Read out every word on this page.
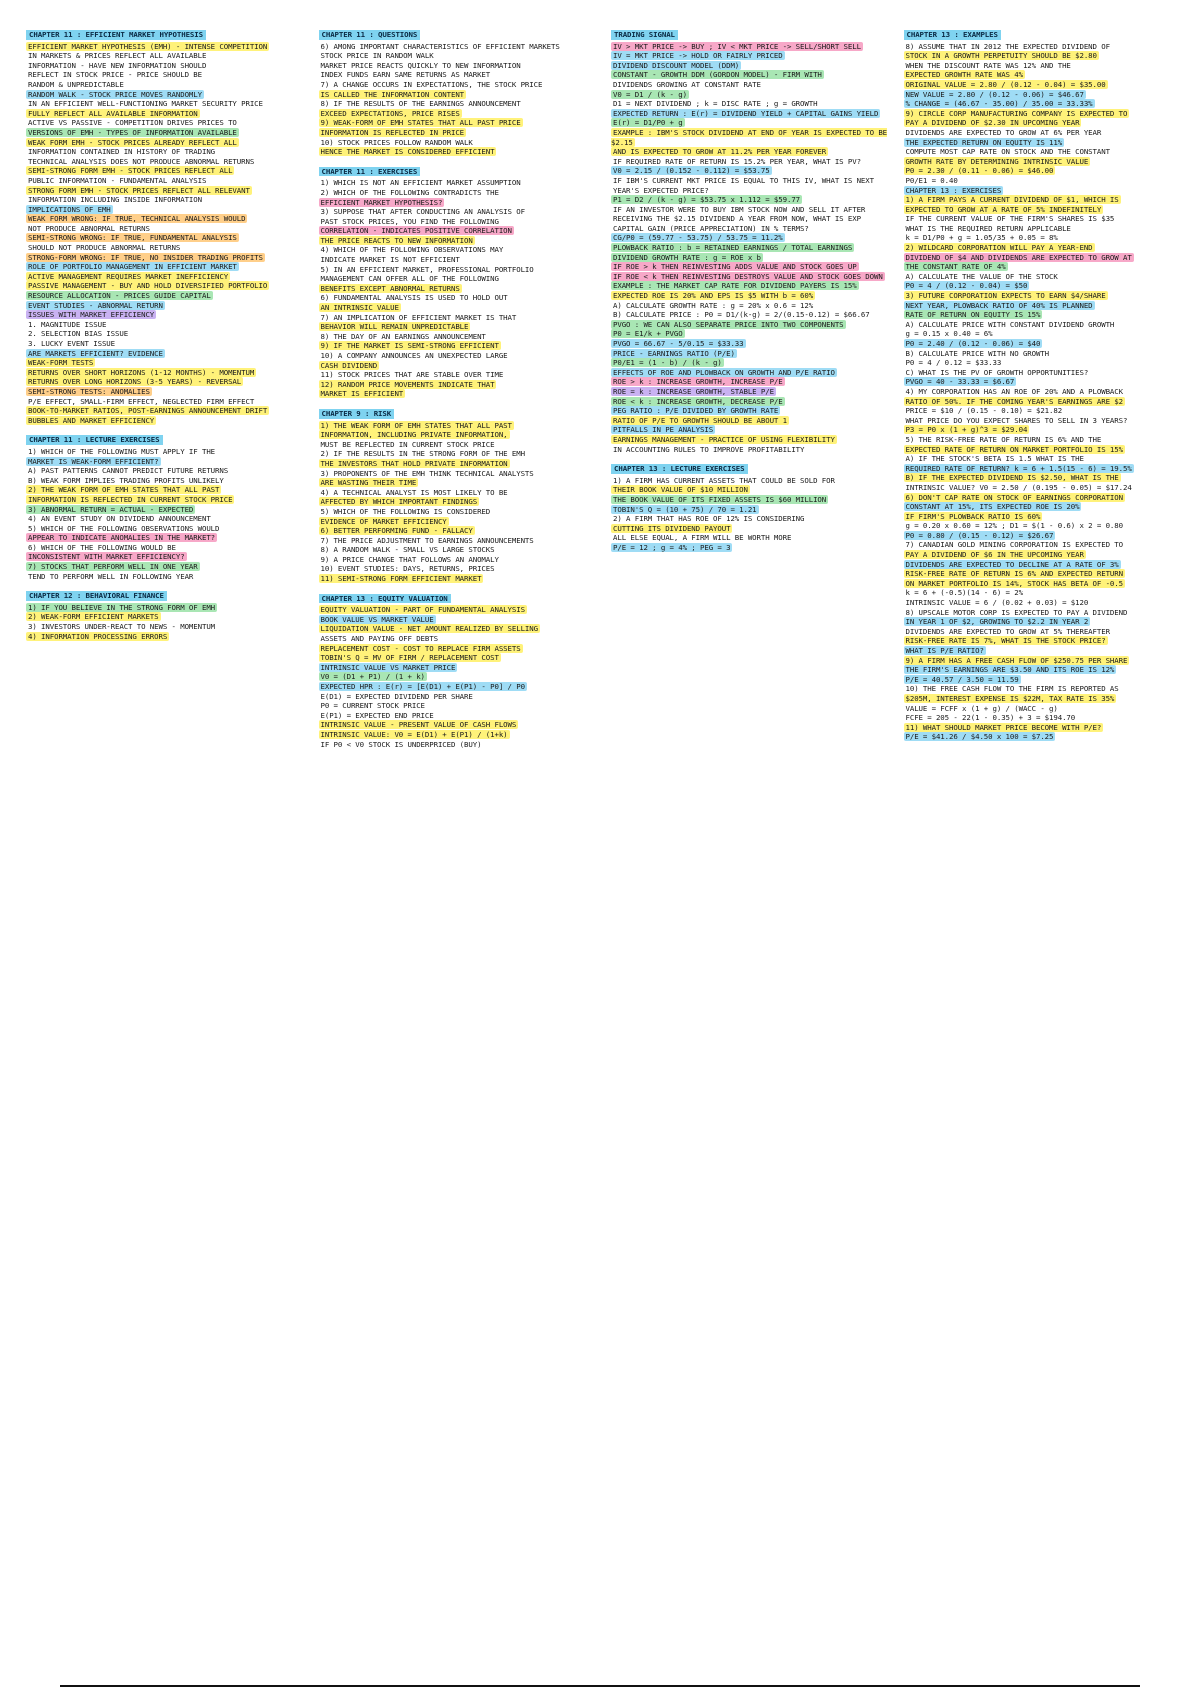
CHAPTER 11 : EFFICIENT MARKET HYPOTHESIS
EFFICIENT MARKET HYPOTHESIS (EMH) - INTENSE COMPETITION
IN MARKETS & PRICES REFLECT ALL AVAILABLE
INFORMATION - HAVE NEW INFORMATION SHOULD
REFLECT IN STOCK PRICE - PRICE SHOULD BE
RANDOM & UNPREDICTABLE
RANDOM WALK - STOCK PRICE MOVES RANDOMLY
IN AN EFFICIENT WELL-FUNCTIONING MARKET SECURITY PRICE
FULLY REFLECT ALL AVAILABLE INFORMATION
ACTIVE VS PASSIVE - COMPETITION DRIVES PRICES TO
VERSIONS OF EMH - TYPES OF INFORMATION AVAILABLE
WEAK FORM EMH - STOCK PRICES ALREADY REFLECT ALL
INFORMATION CONTAINED IN HISTORY OF TRADING
TECHNICAL ANALYSIS DOES NOT PRODUCE ABNORMAL RETURNS
SEMI-STRONG FORM EMH - STOCK PRICES REFLECT ALL
PUBLIC INFORMATION - FUNDAMENTAL ANALYSIS
STRONG FORM EMH - STOCK PRICES REFLECT ALL RELEVANT
INFORMATION INCLUDING INSIDE INFORMATION
IMPLICATIONS OF EMH
WEAK FORM WRONG: IF TRUE, TECHNICAL ANALYSIS WOULD
NOT PRODUCE ABNORMAL RETURNS
SEMI-STRONG WRONG: IF TRUE, FUNDAMENTAL ANALYSIS
SHOULD NOT PRODUCE ABNORMAL RETURNS
STRONG-FORM WRONG: IF TRUE, NO INSIDER TRADING PROFITS
ROLE OF PORTFOLIO MANAGEMENT IN EFFICIENT MARKET
ACTIVE MANAGEMENT REQUIRES MARKET INEFFICIENCY
PASSIVE MANAGEMENT - BUY AND HOLD DIVERSIFIED PORTFOLIO
RESOURCE ALLOCATION - PRICES GUIDE CAPITAL
EVENT STUDIES - ABNORMAL RETURN
ISSUES WITH MARKET EFFICIENCY
1. MAGNITUDE ISSUE
2. SELECTION BIAS ISSUE
3. LUCKY EVENT ISSUE
ARE MARKETS EFFICIENT? EVIDENCE
WEAK-FORM TESTS
RETURNS OVER SHORT HORIZONS (1-12 MONTHS) - MOMENTUM
RETURNS OVER LONG HORIZONS (3-5 YEARS) - REVERSAL
SEMI-STRONG TESTS: ANOMALIES
P/E EFFECT, SMALL-FIRM EFFECT, NEGLECTED FIRM EFFECT
BOOK-TO-MARKET RATIOS, POST-EARNINGS ANNOUNCEMENT DRIFT
BUBBLES AND MARKET EFFICIENCY
CHAPTER 11 : LECTURE EXERCISES
1) WHICH OF THE FOLLOWING MUST APPLY IF THE
MARKET IS WEAK-FORM EFFICIENT?
A) PAST PATTERNS CANNOT PREDICT FUTURE RETURNS
B) WEAK FORM IMPLIES TRADING PROFITS UNLIKELY
2) THE WEAK FORM OF EMH STATES THAT ALL PAST
INFORMATION IS REFLECTED IN CURRENT STOCK PRICE
3) ABNORMAL RETURN = ACTUAL - EXPECTED
4) AN EVENT STUDY ON DIVIDEND ANNOUNCEMENT
5) WHICH OF THE FOLLOWING OBSERVATIONS WOULD
APPEAR TO INDICATE ANOMALIES IN THE MARKET?
6) WHICH OF THE FOLLOWING WOULD BE
INCONSISTENT WITH MARKET EFFICIENCY?
7) STOCKS THAT PERFORM WELL IN ONE YEAR
TEND TO PERFORM WELL IN FOLLOWING YEAR
CHAPTER 12 : BEHAVIORAL FINANCE
1) IF YOU BELIEVE IN THE STRONG FORM OF EMH
2) WEAK-FORM EFFICIENT MARKETS
3) INVESTORS UNDER-REACT TO NEWS - MOMENTUM
4) INFORMATION PROCESSING ERRORS
CHAPTER 11 : QUESTIONS
6) AMONG IMPORTANT CHARACTERISTICS OF EFFICIENT MARKETS
STOCK PRICE IN RANDOM WALK
MARKET PRICE REACTS QUICKLY TO NEW INFORMATION
INDEX FUNDS EARN SAME RETURNS AS MARKET
7) A CHANGE OCCURS IN EXPECTATIONS, THE STOCK PRICE
IS CALLED THE INFORMATION CONTENT
8) IF THE RESULTS OF THE EARNINGS ANNOUNCEMENT
EXCEED EXPECTATIONS, PRICE RISES
9) WEAK-FORM OF EMH STATES THAT ALL PAST PRICE
INFORMATION IS REFLECTED IN PRICE
10) STOCK PRICES FOLLOW RANDOM WALK
HENCE THE MARKET IS CONSIDERED EFFICIENT
CHAPTER 11 : EXERCISES
1) WHICH IS NOT AN EFFICIENT MARKET ASSUMPTION
2) WHICH OF THE FOLLOWING CONTRADICTS THE
EFFICIENT MARKET HYPOTHESIS?
3) SUPPOSE THAT AFTER CONDUCTING AN ANALYSIS OF
PAST STOCK PRICES, YOU FIND THE FOLLOWING
CORRELATION - INDICATES POSITIVE CORRELATION
THE PRICE REACTS TO NEW INFORMATION
4) WHICH OF THE FOLLOWING OBSERVATIONS MAY
INDICATE MARKET IS NOT EFFICIENT
5) IN AN EFFICIENT MARKET, PROFESSIONAL PORTFOLIO
MANAGEMENT CAN OFFER ALL OF THE FOLLOWING
BENEFITS EXCEPT ABNORMAL RETURNS
6) FUNDAMENTAL ANALYSIS IS USED TO HOLD OUT
AN INTRINSIC VALUE
7) AN IMPLICATION OF EFFICIENT MARKET IS THAT
BEHAVIOR WILL REMAIN UNPREDICTABLE
8) THE DAY OF AN EARNINGS ANNOUNCEMENT
9) IF THE MARKET IS SEMI-STRONG EFFICIENT
10) A COMPANY ANNOUNCES AN UNEXPECTED LARGE
CASH DIVIDEND
11) STOCK PRICES THAT ARE STABLE OVER TIME
12) RANDOM PRICE MOVEMENTS INDICATE THAT
MARKET IS EFFICIENT
CHAPTER 9 : RISK
1) THE WEAK FORM OF EMH STATES THAT ALL PAST
INFORMATION, INCLUDING PRIVATE INFORMATION,
MUST BE REFLECTED IN CURRENT STOCK PRICE
2) IF THE RESULTS IN THE STRONG FORM OF THE EMH
THE INVESTORS THAT HOLD PRIVATE INFORMATION
3) PROPONENTS OF THE EMH THINK TECHNICAL ANALYSTS
ARE WASTING THEIR TIME
4) A TECHNICAL ANALYST IS MOST LIKELY TO BE
AFFECTED BY WHICH IMPORTANT FINDINGS
5) WHICH OF THE FOLLOWING IS CONSIDERED
EVIDENCE OF MARKET EFFICIENCY
6) BETTER PERFORMING FUND - FALLACY
7) THE PRICE ADJUSTMENT TO EARNINGS ANNOUNCEMENTS
8) A RANDOM WALK - SMALL VS LARGE STOCKS
9) A PRICE CHANGE THAT FOLLOWS AN ANOMALY
10) EVENT STUDIES: DAYS, RETURNS, PRICES
11) SEMI-STRONG FORM EFFICIENT MARKET
CHAPTER 13 : EQUITY VALUATION
EQUITY VALUATION - PART OF FUNDAMENTAL ANALYSIS
BOOK VALUE VS MARKET VALUE
LIQUIDATION VALUE - NET AMOUNT REALIZED BY SELLING
ASSETS AND PAYING OFF DEBTS
REPLACEMENT COST - COST TO REPLACE FIRM ASSETS
TOBIN'S Q = MV OF FIRM / REPLACEMENT COST
INTRINSIC VALUE VS MARKET PRICE
V0 = (D1 + P1) / (1 + k)
EXPECTED HPR : E(r) = [E(D1) + E(P1) - P0] / P0
E(D1) = EXPECTED DIVIDEND PER SHARE
P0 = CURRENT STOCK PRICE
E(P1) = EXPECTED END PRICE
INTRINSIC VALUE - PRESENT VALUE OF CASH FLOWS
INTRINSIC VALUE: V0 = E(D1) + E(P1) / (1+k)
IF P0 < V0 STOCK IS UNDERPRICED (BUY)
TRADING SIGNAL
IV > MKT PRICE -> BUY ; IV < MKT PRICE -> SELL/SHORT SELL
IV = MKT PRICE -> HOLD OR FAIRLY PRICED
DIVIDEND DISCOUNT MODEL (DDM)
CONSTANT - GROWTH DDM (GORDON MODEL) - FIRM WITH
DIVIDENDS GROWING AT CONSTANT RATE
V0 = D1 / (k - g)
D1 = NEXT DIVIDEND ; k = DISC RATE ; g = GROWTH
EXPECTED RETURN : E(r) = DIVIDEND YIELD + CAPITAL GAINS YIELD
E(r) = D1/P0 + g
EXAMPLE : IBM'S STOCK DIVIDEND AT END OF YEAR IS EXPECTED TO BE $2.15
AND IS EXPECTED TO GROW AT 11.2% PER YEAR FOREVER
IF REQUIRED RATE OF RETURN IS 15.2% PER YEAR, WHAT IS PV?
V0 = 2.15 / (0.152 - 0.112) = $53.75
IF IBM'S CURRENT MKT PRICE IS EQUAL TO THIS IV, WHAT IS NEXT
YEAR'S EXPECTED PRICE?
P1 = D2 / (k - g) = $53.75 x 1.112 = $59.77
IF AN INVESTOR WERE TO BUY IBM STOCK NOW AND SELL IT AFTER
RECEIVING THE $2.15 DIVIDEND A YEAR FROM NOW, WHAT IS EXP
CAPITAL GAIN (PRICE APPRECIATION) IN % TERMS?
CG/P0 = (59.77 - 53.75) / 53.75 = 11.2%
PLOWBACK RATIO : b = RETAINED EARNINGS / TOTAL EARNINGS
DIVIDEND GROWTH RATE : g = ROE x b
IF ROE > k THEN REINVESTING ADDS VALUE AND STOCK GOES UP
IF ROE < k THEN REINVESTING DESTROYS VALUE AND STOCK GOES DOWN
EXAMPLE : THE MARKET CAP RATE FOR DIVIDEND PAYERS IS 15%
EXPECTED ROE IS 20% AND EPS IS $5 WITH b = 60%
A) CALCULATE GROWTH RATE : g = 20% x 0.6 = 12%
B) CALCULATE PRICE : P0 = D1/(k-g) = 2/(0.15-0.12) = $66.67
PVGO : WE CAN ALSO SEPARATE PRICE INTO TWO COMPONENTS
P0 = E1/k + PVGO
PVGO = 66.67 - 5/0.15 = $33.33
PRICE - EARNINGS RATIO (P/E)
P0/E1 = (1 - b) / (k - g)
EFFECTS OF ROE AND PLOWBACK ON GROWTH AND P/E RATIO
ROE > k : INCREASE GROWTH, INCREASE P/E
ROE = k : INCREASE GROWTH, STABLE P/E
ROE < k : INCREASE GROWTH, DECREASE P/E
PEG RATIO : P/E DIVIDED BY GROWTH RATE
RATIO OF P/E TO GROWTH SHOULD BE ABOUT 1
PITFALLS IN PE ANALYSIS
EARNINGS MANAGEMENT - PRACTICE OF USING FLEXIBILITY
IN ACCOUNTING RULES TO IMPROVE PROFITABILITY
CHAPTER 13 : LECTURE EXERCISES
1) A FIRM HAS CURRENT ASSETS THAT COULD BE SOLD FOR
THEIR BOOK VALUE OF $10 MILLION
THE BOOK VALUE OF ITS FIXED ASSETS IS $60 MILLION
TOBIN'S Q = (10 + 75) / 70 = 1.21
2) A FIRM THAT HAS ROE OF 12% IS CONSIDERING
CUTTING ITS DIVIDEND PAYOUT
ALL ELSE EQUAL, A FIRM WILL BE WORTH MORE
P/E = 12 ; g = 4% ; PEG = 3
CHAPTER 13 : EXAMPLES
8) ASSUME THAT IN 2012 THE EXPECTED DIVIDEND OF
STOCK IN A GROWTH PERPETUITY SHOULD BE $2.80
WHEN THE DISCOUNT RATE WAS 12% AND THE
EXPECTED GROWTH RATE WAS 4%
ORIGINAL VALUE = 2.80 / (0.12 - 0.04) = $35.00
NEW VALUE = 2.80 / (0.12 - 0.06) = $46.67
% CHANGE = (46.67 - 35.00) / 35.00 = 33.33%
9) CIRCLE CORP MANUFACTURING COMPANY IS EXPECTED TO
PAY A DIVIDEND OF $2.30 IN UPCOMING YEAR
DIVIDENDS ARE EXPECTED TO GROW AT 6% PER YEAR
THE EXPECTED RETURN ON EQUITY IS 11%
COMPUTE MOST CAP RATE ON STOCK AND THE CONSTANT
GROWTH RATE BY DETERMINING INTRINSIC VALUE
P0 = 2.30 / (0.11 - 0.06) = $46.00
P0/E1 = 0.40
CHAPTER 13 : EXERCISES
1) A FIRM PAYS A CURRENT DIVIDEND OF $1, WHICH IS
EXPECTED TO GROW AT A RATE OF 5% INDEFINITELY
IF THE CURRENT VALUE OF THE FIRM'S SHARES IS $35
WHAT IS THE REQUIRED RETURN APPLICABLE
k = D1/P0 + g = 1.05/35 + 0.05 = 8%
2) WILDCARD CORPORATION WILL PAY A YEAR-END
DIVIDEND OF $4 AND DIVIDENDS ARE EXPECTED TO GROW AT
THE CONSTANT RATE OF 4%
A) CALCULATE THE VALUE OF THE STOCK
P0 = 4 / (0.12 - 0.04) = $50
3) FUTURE CORPORATION EXPECTS TO EARN $4/SHARE
NEXT YEAR, PLOWBACK RATIO OF 40% IS PLANNED
RATE OF RETURN ON EQUITY IS 15%
A) CALCULATE PRICE WITH CONSTANT DIVIDEND GROWTH
g = 0.15 x 0.40 = 6%
P0 = 2.40 / (0.12 - 0.06) = $40
B) CALCULATE PRICE WITH NO GROWTH
P0 = 4 / 0.12 = $33.33
C) WHAT IS THE PV OF GROWTH OPPORTUNITIES?
PVGO = 40 - 33.33 = $6.67
4) MY CORPORATION HAS AN ROE OF 20% AND A PLOWBACK
RATIO OF 50%. IF THE COMING YEAR'S EARNINGS ARE $2
PRICE = $10 / (0.15 - 0.10) = $21.82
WHAT PRICE DO YOU EXPECT SHARES TO SELL IN 3 YEARS?
P3 = P0 x (1 + g)^3 = $29.04
5) THE RISK-FREE RATE OF RETURN IS 6% AND THE
EXPECTED RATE OF RETURN ON MARKET PORTFOLIO IS 15%
A) IF THE STOCK'S BETA IS 1.5 WHAT IS THE
REQUIRED RATE OF RETURN? k = 6 + 1.5(15 - 6) = 19.5%
B) IF THE EXPECTED DIVIDEND IS $2.50, WHAT IS THE
INTRINSIC VALUE? V0 = 2.50 / (0.195 - 0.05) = $17.24
6) DON'T CAP RATE ON STOCK OF EARNINGS CORPORATION
CONSTANT AT 15%, ITS EXPECTED ROE IS 20%
IF FIRM'S PLOWBACK RATIO IS 60%
g = 0.20 x 0.60 = 12% ; D1 = $(1 - 0.6) x 2 = 0.80
P0 = 0.80 / (0.15 - 0.12) = $26.67
7) CANADIAN GOLD MINING CORPORATION IS EXPECTED TO
PAY A DIVIDEND OF $6 IN THE UPCOMING YEAR
DIVIDENDS ARE EXPECTED TO DECLINE AT A RATE OF 3%
RISK-FREE RATE OF RETURN IS 6% AND EXPECTED RETURN
ON MARKET PORTFOLIO IS 14%, STOCK HAS BETA OF -0.5
k = 6 + (-0.5)(14 - 6) = 2%
INTRINSIC VALUE = 6 / (0.02 + 0.03) = $120
8) UPSCALE MOTOR CORP IS EXPECTED TO PAY A DIVIDEND
IN YEAR 1 OF $2, GROWING TO $2.2 IN YEAR 2
DIVIDENDS ARE EXPECTED TO GROW AT 5% THEREAFTER
RISK-FREE RATE IS 7%, WHAT IS THE STOCK PRICE?
WHAT IS P/E RATIO?
9) A FIRM HAS A FREE CASH FLOW OF $250.75 PER SHARE
THE FIRM'S EARNINGS ARE $3.50 AND ITS ROE IS 12%
P/E = 40.57 / 3.50 = 11.59
10) THE FREE CASH FLOW TO THE FIRM IS REPORTED AS
$205M, INTEREST EXPENSE IS $22M, TAX RATE IS 35%
VALUE = FCFF x (1 + g) / (WACC - g)
FCFE = 205 - 22(1 - 0.35) + 3 = $194.70
11) WHAT SHOULD MARKET PRICE BECOME WITH P/E?
P/E = $41.26 / $4.50 x 100 = $7.25
